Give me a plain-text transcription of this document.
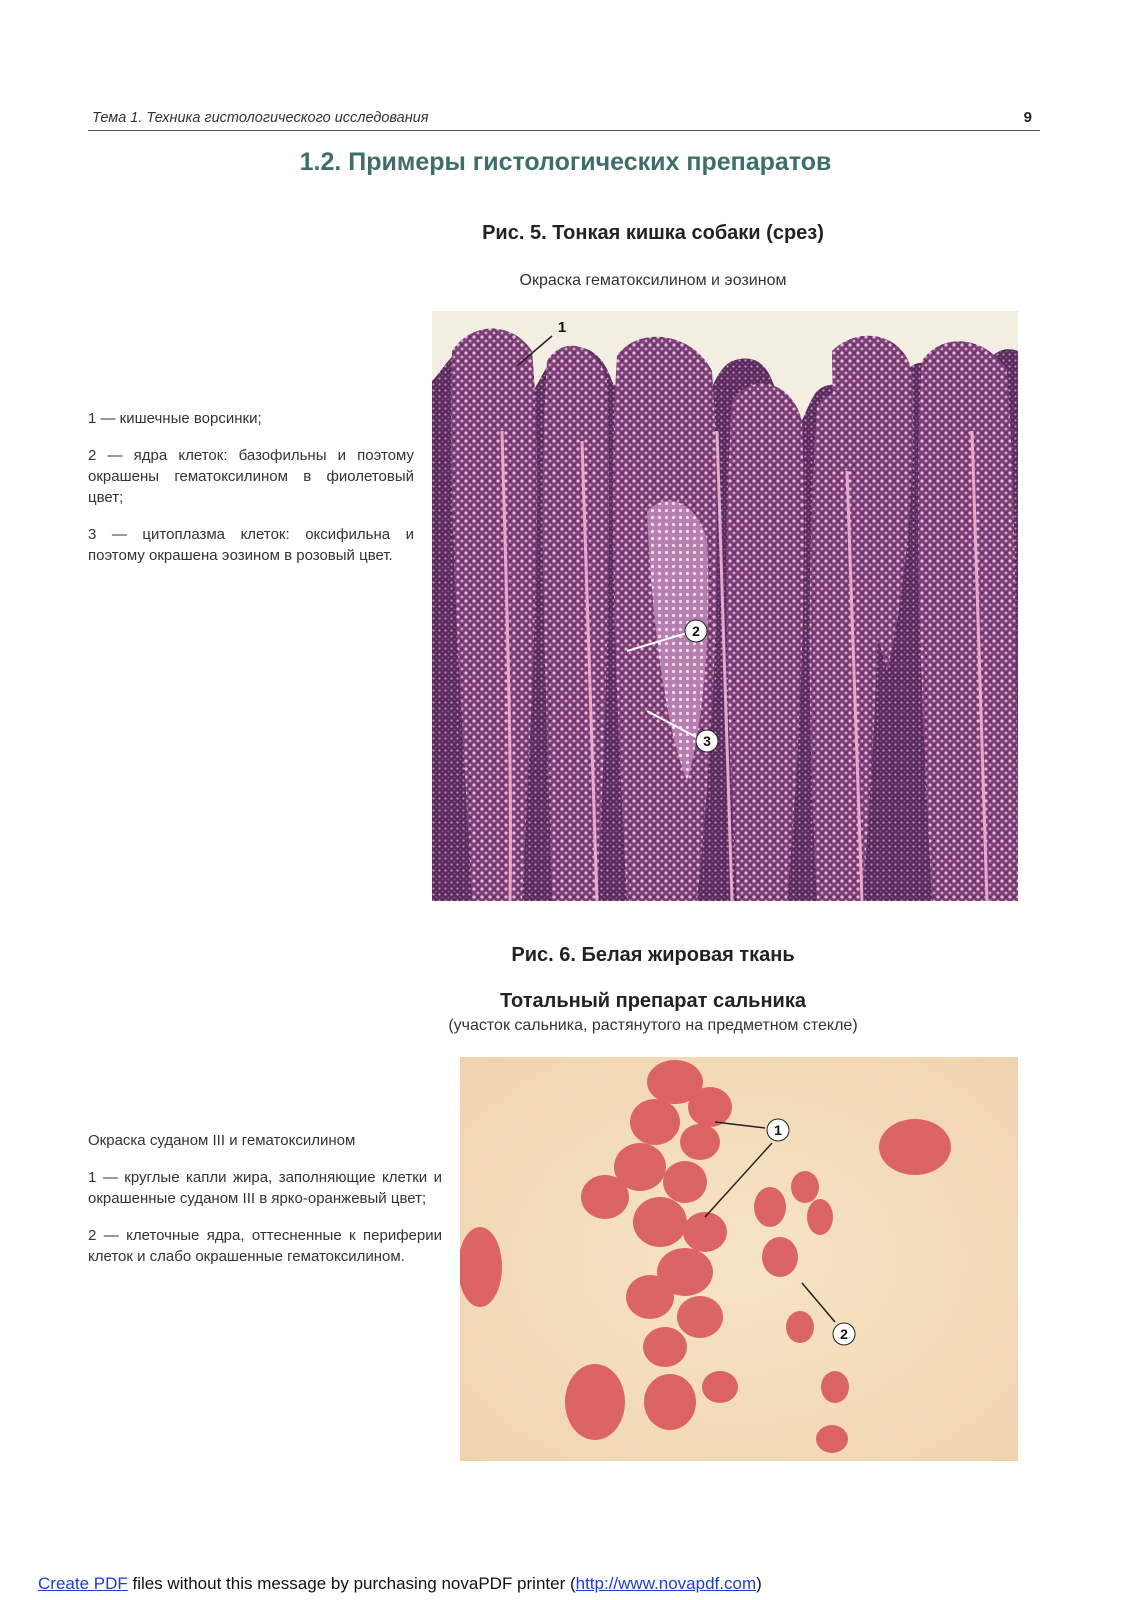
Тема 1. Техника гистологического исследования	9
1.2. Примеры гистологических препаратов
Рис. 5. Тонкая кишка собаки (срез)
Окраска гематоксилином и эозином

1 — кишечные ворсинки;

2 — ядра клеток: базофильны и поэтому окрашены гематоксилином в фиолетовый цвет;

3 — цитоплазма клеток: оксифильна и поэтому окрашена эозином в розовый цвет.

1
2
3
Рис. 6. Белая жировая ткань
Тотальный препарат сальника
(участок сальника, растянутого на предметном стекле)

Окраска суданом III и гематоксилином

1 — круглые капли жира, заполняющие клетки и окрашенные суданом III в ярко-оранжевый цвет;

2 — клеточные ядра, оттесненные к периферии клеток и слабо окрашенные гематоксилином.

1
2
Create PDF files without this message by purchasing novaPDF printer (http://www.novapdf.com)
